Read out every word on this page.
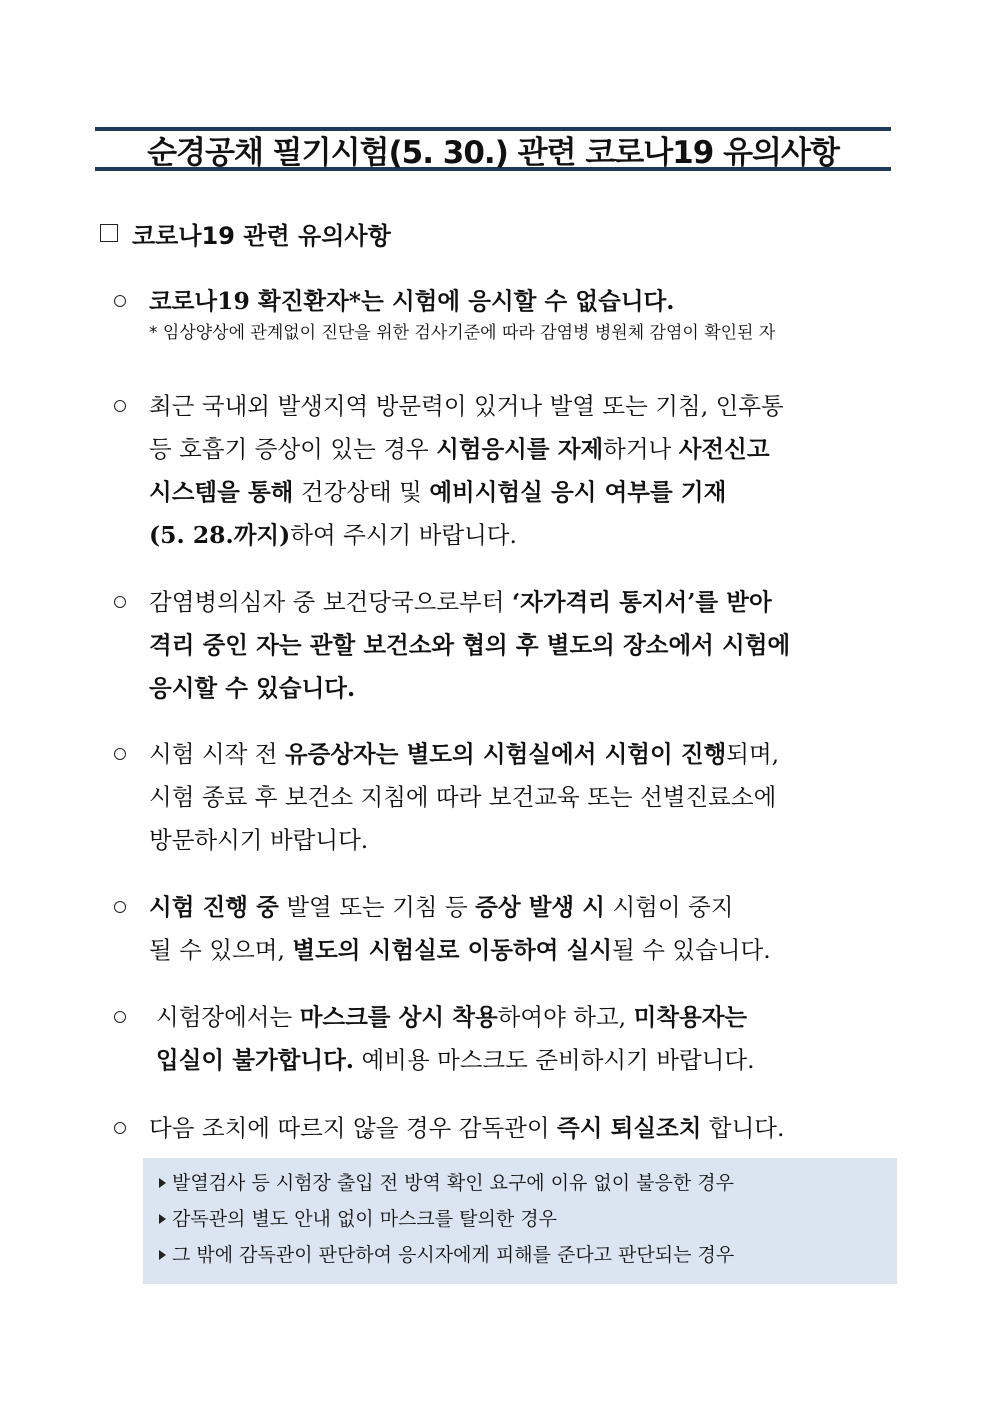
순경공채 필기시험(5. 30.) 관련 코로나19 유의사항
코로나19 관련 유의사항
코로나19 확진환자*는 시험에 응시할 수 없습니다.
* 임상양상에 관계없이 진단을 위한 검사기준에 따라 감염병 병원체 감염이 확인된 자
최근 국내외 발생지역 방문력이 있거나 발열 또는 기침, 인후통
등 호흡기 증상이 있는 경우 시험응시를 자제하거나 사전신고
시스템을 통해 건강상태 및 예비시험실 응시 여부를 기재
(5. 28.까지)하여 주시기 바랍니다.
감염병의심자 중 보건당국으로부터 ‘자가격리 통지서’를 받아
격리 중인 자는 관할 보건소와 협의 후 별도의 장소에서 시험에
응시할 수 있습니다.
시험 시작 전 유증상자는 별도의 시험실에서 시험이 진행되며,
시험 종료 후 보건소 지침에 따라 보건교육 또는 선별진료소에
방문하시기 바랍니다.
시험 진행 중 발열 또는 기침 등 증상 발생 시 시험이 중지
될 수 있으며, 별도의 시험실로 이동하여 실시될 수 있습니다.
시험장에서는 마스크를 상시 착용하여야 하고, 미착용자는
입실이 불가합니다. 예비용 마스크도 준비하시기 바랍니다.
다음 조치에 따르지 않을 경우 감독관이 즉시 퇴실조치 합니다.
발열검사 등 시험장 출입 전 방역 확인 요구에 이유 없이 불응한 경우
감독관의 별도 안내 없이 마스크를 탈의한 경우
그 밖에 감독관이 판단하여 응시자에게 피해를 준다고 판단되는 경우
